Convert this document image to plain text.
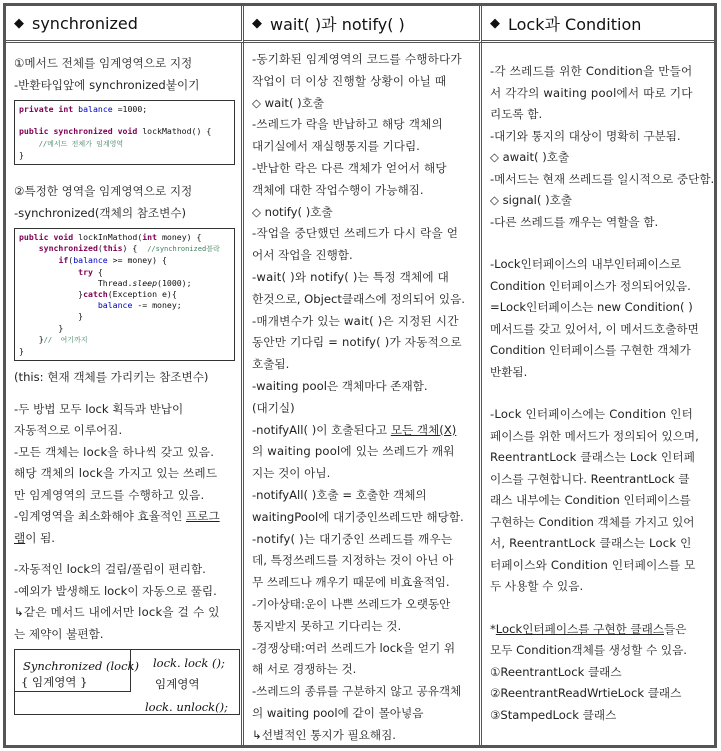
◆ synchronized	◆ wait( )과 notify( )	◆ Lock과 Condition

①메서드 전체를 임계영역으로 지정

-반환타입앞에 synchronized붙이기

private int balance =1000;

public synchronized void lockMathod() {
//메서드 전체가 임계영역
}

②특정한 영역을 임계영역으로 지정

-synchronized(객체의 참조변수)

public void lockInMathod(int money) {
synchronized(this) {  //synchronized블락
if(balance >= money) {
try {
Thread.sleep(1000);
}catch(Exception e){
balance -= money;
}
}
}//  여기까지
}

(this: 현재 객체를 가리키는 참조변수)

-두 방법 모두 lock 획득과 반납이

자동적으로 이루어짐.

-모든 객체는 lock을 하나씩 갖고 있음.

해당 객체의 lock을 가지고 있는 쓰레드

만 임계영역의 코드를 수행하고 있음.

-임계영역을 최소화해야 효율적인 프로그

램이 됨.

-자동적인 lock의 걸림/풀림이 편리함.

-예외가 발생해도 lock이 자동으로 풀림.

↳같은 메서드 내에서만 lock을 걸 수 있

는 제약이 불편함.

Synchronized (lock)
{ 임계영역 }
lock. lock ();
임계영역
lock. unlock();

-동기화된 임계영역의 코드를 수행하다가

작업이 더 이상 진행할 상황이 아닐 때

◇ wait( )호출

-쓰레드가 락을 반납하고 해당 객체의

대기실에서 재실행통지를 기다림.

-반납한 락은 다른 객체가 얻어서 해당

객체에 대한 작업수행이 가능해짐.

◇ notify( )호출

-작업을 중단했던 쓰레드가 다시 락을 얻

어서 작업을 진행함.

-wait( )와 notify( )는 특정 객체에 대

한것으로, Object클래스에 정의되어 있음.

-매개변수가 있는 wait( )은 지정된 시간

동안만 기다림 = notify( )가 자동적으로

호출됨.

-waiting pool은 객체마다 존재함.

(대기실)

-notifyAll( )이 호출된다고 모든 객체(X)

의 waiting pool에 있는 쓰레드가 깨워

지는 것이 아님.

-notifyAll( )호출 = 호출한 객체의

waitingPool에 대기중인쓰레드만 해당함.

-notify( )는 대기중인 쓰레드를 깨우는

데, 특정쓰레드를 지정하는 것이 아닌 아

무 쓰레드나 깨우기 때문에 비효율적임.

-기아상태:운이 나쁜 쓰레드가 오랫동안

통지받지 못하고 기다리는 것.

-경쟁상태:여러 쓰레드가 lock을 얻기 위

해 서로 경쟁하는 것.

-쓰레드의 종류를 구분하지 않고 공유객체

의 waiting pool에 같이 몰아넣음

↳선별적인 통지가 필요해짐.

-각 쓰레드를 위한 Condition을 만들어

서 각각의 waiting pool에서 따로 기다

리도록 함.

-대기와 통지의 대상이 명확히 구분됨.

◇ await( )호출

-메서드는 현재 쓰레드를 일시적으로 중단함.

◇ signal( )호출

-다른 쓰레드를 깨우는 역할을 함.

-Lock인터페이스의 내부인터페이스로

Condition 인터페이스가 정의되어있음.

=Lock인터페이스는 new Condition( )

메서드를 갖고 있어서, 이 메서드호출하면

Condition 인터페이스를 구현한 객체가

반환됨.

-Lock 인터페이스에는 Condition 인터

페이스를 위한 메서드가 정의되어 있으며,

ReentrantLock 클래스는 Lock 인터페

이스를 구현합니다. ReentrantLock 클

래스 내부에는 Condition 인터페이스를

구현하는 Condition 객체를 가지고 있어

서, ReentrantLock 클래스는 Lock 인

터페이스와 Condition 인터페이스를 모

두 사용할 수 있음.

*Lock인터페이스를 구현한 클래스들은

모두 Condition객체를 생성할 수 있음.

①ReentrantLock 클래스

②ReentrantReadWrtieLock 클래스

③StampedLock 클래스
